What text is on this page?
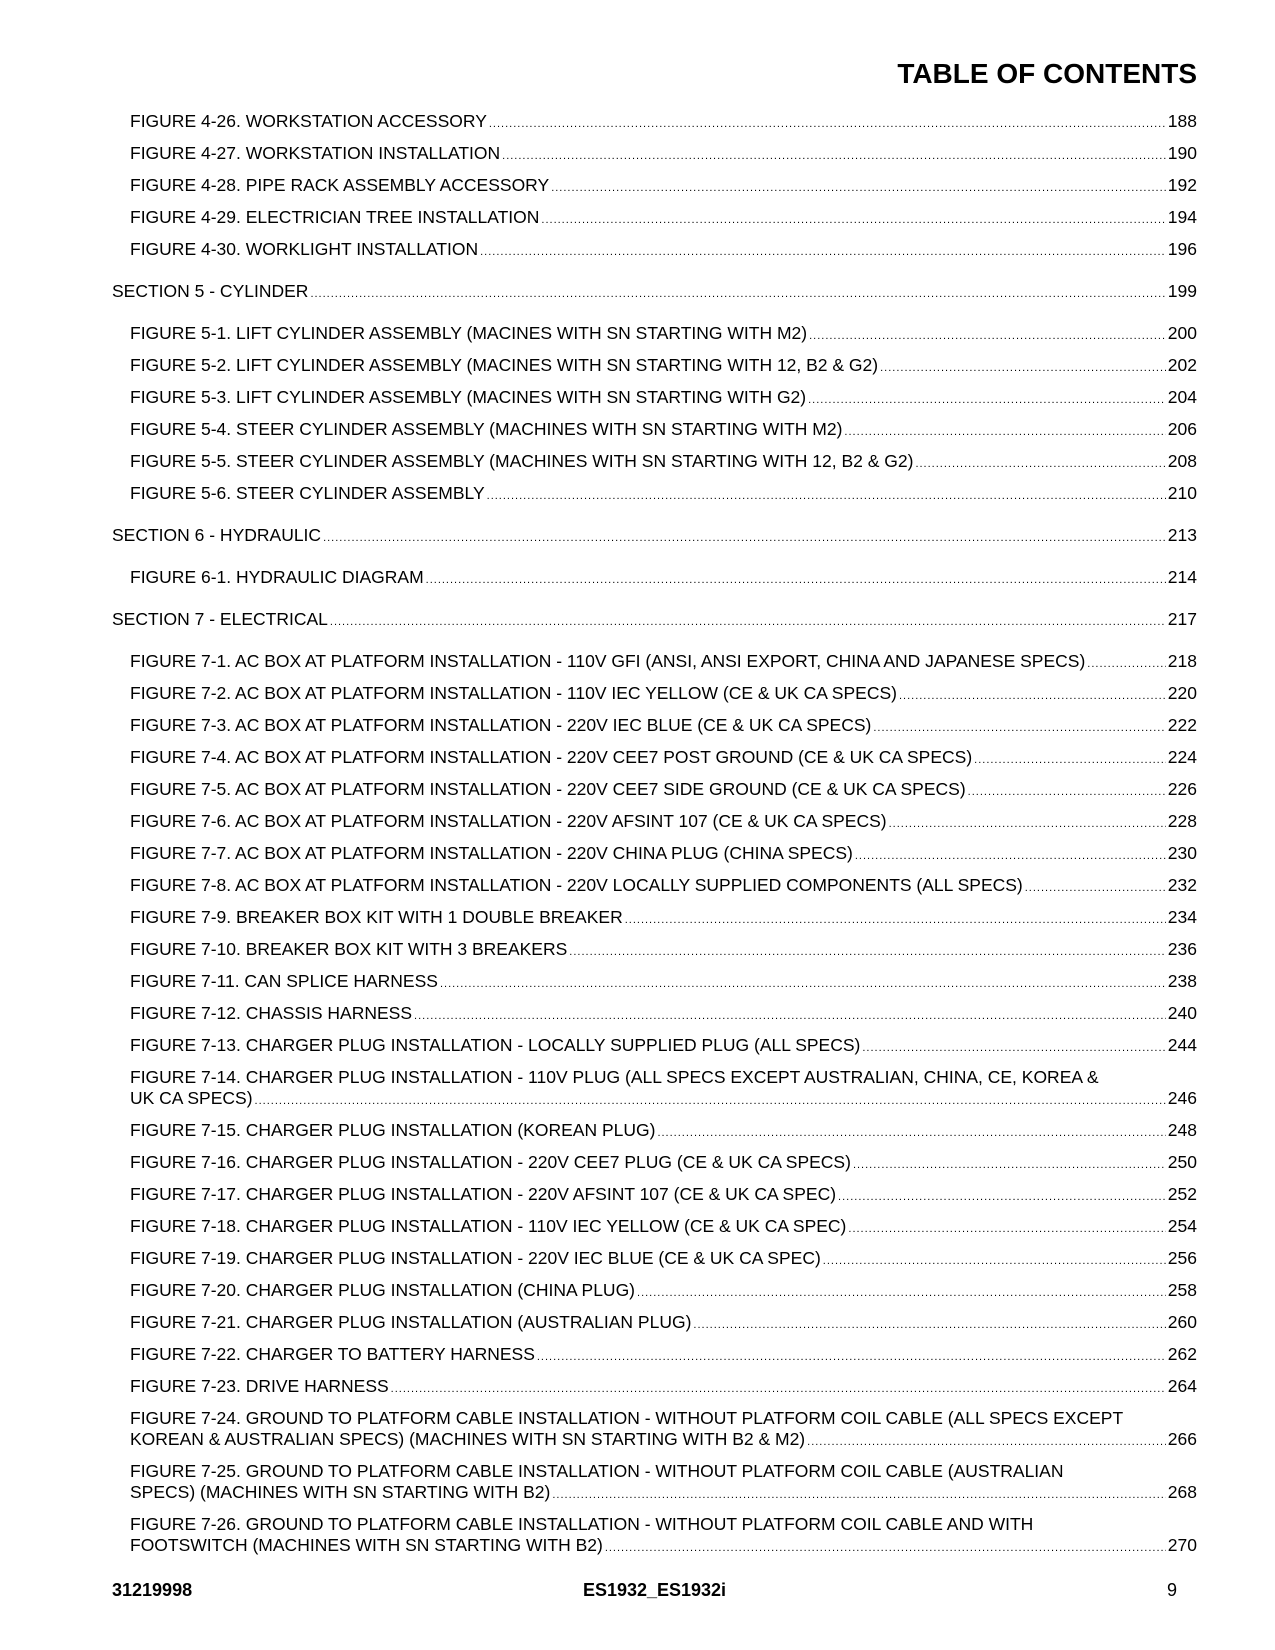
TABLE OF CONTENTS
FIGURE 4-26. WORKSTATION ACCESSORY .....	188
FIGURE 4-27. WORKSTATION INSTALLATION .....	190
FIGURE 4-28. PIPE RACK ASSEMBLY ACCESSORY .....	192
FIGURE 4-29. ELECTRICIAN TREE INSTALLATION .....	194
FIGURE 4-30. WORKLIGHT INSTALLATION .....	196
SECTION 5 - CYLINDER .....	199
FIGURE 5-1. LIFT CYLINDER ASSEMBLY (MACINES WITH SN STARTING WITH M2) .....	200
FIGURE 5-2. LIFT CYLINDER ASSEMBLY (MACINES WITH SN STARTING WITH 12, B2 & G2) .....	202
FIGURE 5-3. LIFT CYLINDER ASSEMBLY (MACINES WITH SN STARTING WITH G2) .....	204
FIGURE 5-4. STEER CYLINDER ASSEMBLY (MACHINES WITH SN STARTING WITH M2) .....	206
FIGURE 5-5. STEER CYLINDER ASSEMBLY (MACHINES WITH SN STARTING WITH 12, B2 & G2) .....	208
FIGURE 5-6. STEER CYLINDER ASSEMBLY .....	210
SECTION 6 - HYDRAULIC .....	213
FIGURE 6-1. HYDRAULIC DIAGRAM .....	214
SECTION 7 - ELECTRICAL .....	217
FIGURE 7-1. AC BOX AT PLATFORM INSTALLATION - 110V GFI (ANSI, ANSI EXPORT, CHINA AND JAPANESE SPECS) .....	218
FIGURE 7-2. AC BOX AT PLATFORM INSTALLATION - 110V IEC YELLOW (CE & UK CA SPECS) .....	220
FIGURE 7-3. AC BOX AT PLATFORM INSTALLATION - 220V IEC BLUE (CE & UK CA SPECS) .....	222
FIGURE 7-4. AC BOX AT PLATFORM INSTALLATION - 220V CEE7 POST GROUND (CE & UK CA SPECS) .....	224
FIGURE 7-5. AC BOX AT PLATFORM INSTALLATION - 220V CEE7 SIDE GROUND (CE & UK CA SPECS) .....	226
FIGURE 7-6. AC BOX AT PLATFORM INSTALLATION - 220V AFSINT 107 (CE & UK CA SPECS) .....	228
FIGURE 7-7. AC BOX AT PLATFORM INSTALLATION - 220V CHINA PLUG (CHINA SPECS) .....	230
FIGURE 7-8. AC BOX AT PLATFORM INSTALLATION - 220V LOCALLY SUPPLIED COMPONENTS (ALL SPECS) .....	232
FIGURE 7-9. BREAKER BOX KIT WITH 1 DOUBLE BREAKER .....	234
FIGURE 7-10. BREAKER BOX KIT WITH 3 BREAKERS .....	236
FIGURE 7-11. CAN SPLICE HARNESS .....	238
FIGURE 7-12. CHASSIS HARNESS .....	240
FIGURE 7-13. CHARGER PLUG INSTALLATION - LOCALLY SUPPLIED PLUG (ALL SPECS) .....	244
FIGURE 7-14. CHARGER PLUG INSTALLATION - 110V PLUG (ALL SPECS EXCEPT AUSTRALIAN, CHINA, CE, KOREA &
UK CA SPECS) .....	246
FIGURE 7-15. CHARGER PLUG INSTALLATION (KOREAN PLUG) .....	248
FIGURE 7-16. CHARGER PLUG INSTALLATION - 220V CEE7 PLUG (CE & UK CA SPECS) .....	250
FIGURE 7-17. CHARGER PLUG INSTALLATION - 220V AFSINT 107 (CE & UK CA SPEC) .....	252
FIGURE 7-18. CHARGER PLUG INSTALLATION - 110V IEC YELLOW (CE & UK CA SPEC) .....	254
FIGURE 7-19. CHARGER PLUG INSTALLATION - 220V IEC BLUE (CE & UK CA SPEC) .....	256
FIGURE 7-20. CHARGER PLUG INSTALLATION (CHINA PLUG) .....	258
FIGURE 7-21. CHARGER PLUG INSTALLATION (AUSTRALIAN PLUG) .....	260
FIGURE 7-22. CHARGER TO BATTERY HARNESS .....	262
FIGURE 7-23. DRIVE HARNESS .....	264
FIGURE 7-24. GROUND TO PLATFORM CABLE INSTALLATION - WITHOUT PLATFORM COIL CABLE (ALL SPECS EXCEPT
KOREAN & AUSTRALIAN SPECS) (MACHINES WITH SN STARTING WITH B2 & M2) .....	266
FIGURE 7-25. GROUND TO PLATFORM CABLE INSTALLATION - WITHOUT PLATFORM COIL CABLE (AUSTRALIAN
SPECS) (MACHINES WITH SN STARTING WITH B2) .....	268
FIGURE 7-26. GROUND TO PLATFORM CABLE INSTALLATION - WITHOUT PLATFORM COIL CABLE AND WITH
FOOTSWITCH (MACHINES WITH SN STARTING WITH B2) .....	270
31219998	ES1932_ES1932i	9
